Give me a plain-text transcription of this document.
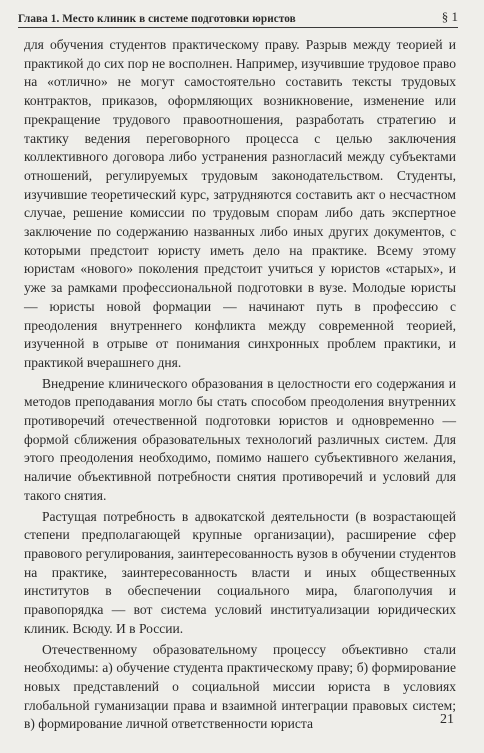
Глава 1. Место клиник в системе подготовки юристов	§ 1

для обучения студентов практическому праву. Разрыв между теорией и практикой до сих пор не восполнен. Например, изучившие трудовое право на «отлично» не могут самостоятельно составить тексты трудовых контрактов, приказов, оформляющих возникновение, изменение или прекращение трудового правоотношения, разработать стратегию и тактику ведения переговорного процесса с целью заключения коллективного договора либо устранения разногласий между субъектами отношений, регулируемых трудовым законодательством. Студенты, изучившие теоретический курс, затрудняются составить акт о несчастном случае, решение комиссии по трудовым спорам либо дать экспертное заключение по содержанию названных либо иных других документов, с которыми предстоит юристу иметь дело на практике. Всему этому юристам «нового» поколения предстоит учиться у юристов «старых», и уже за рамками профессиональной подготовки в вузе. Молодые юристы — юристы новой формации — начинают путь в профессию с преодоления внутреннего конфликта между современной теорией, изученной в отрыве от понимания синхронных проблем практики, и практикой вчерашнего дня.

Внедрение клинического образования в целостности его содержания и методов преподавания могло бы стать способом преодоления внутренних противоречий отечественной подготовки юристов и одновременно — формой сближения образовательных технологий различных систем. Для этого преодоления необходимо, помимо нашего субъективного желания, наличие объективной потребности снятия противоречий и условий для такого снятия.

Растущая потребность в адвокатской деятельности (в возрастающей степени предполагающей крупные организации), расширение сфер правового регулирования, заинтересованность вузов в обучении студентов на практике, заинтересованность власти и иных общественных институтов в обеспечении социального мира, благополучия и правопорядка — вот система условий институализации юридических клиник. Всюду. И в России.

Отечественному образовательному процессу объективно стали необходимы: а) обучение студента практическому праву; б) формирование новых представлений о социальной миссии юриста в условиях глобальной гуманизации права и взаимной интеграции правовых систем; в) формирование личной ответственности юриста	21
